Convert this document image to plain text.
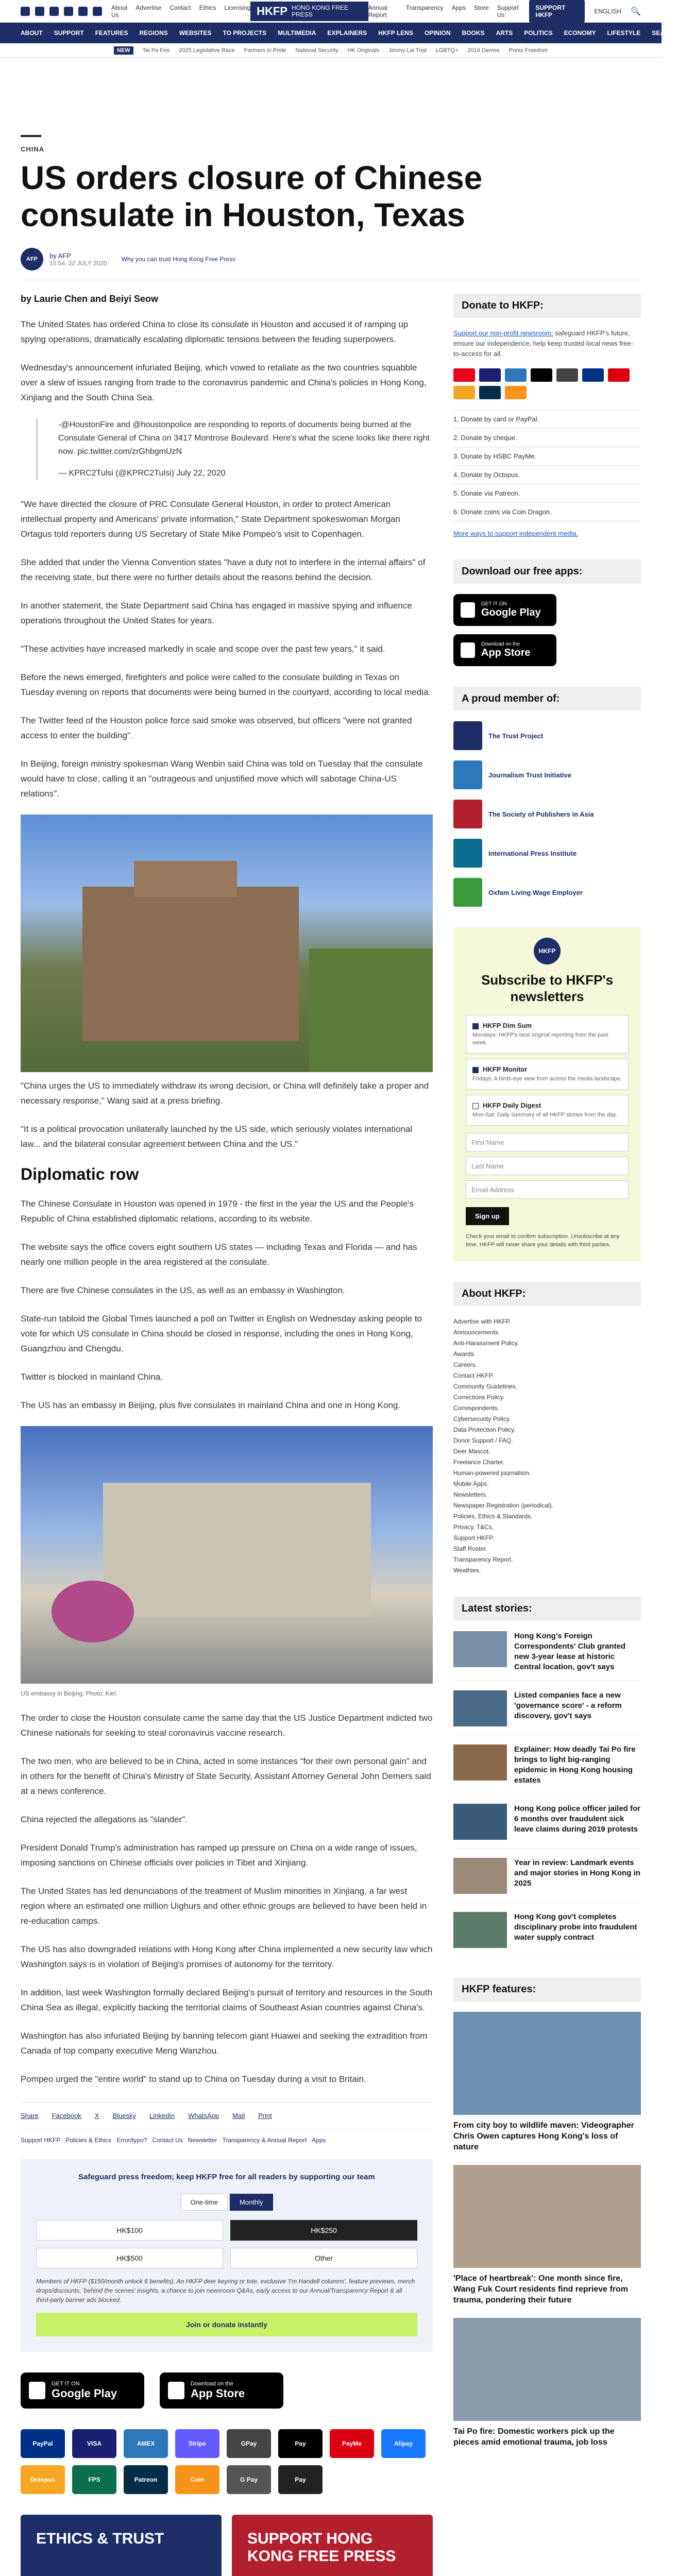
About Us
Advertise Contact Ethics Licensing HKFP HONG KONG FREE PRESS
Annual Report
Transparency Apps Store Support Us
SUPPORT HKFP	ENGLISH 🔍
ABOUT SUPPORT FEATURES REGIONS WEBSITES TO PROJECTS MULTIMEDIA EXPLAINERS HKFP LENS OPINION BOOKS ARTS POLITICS ECONOMY LIFESTYLE SEARCH
NEW	Tai Po Fire 2025 Legislative Race Partners in Pride National Security HK Originals Jimmy Lai Trial LGBTQ+ 2019 Demos Press Freedom
CHINA
US orders closure of Chinese consulate in Houston, Texas
AFP	by AFP
15:54, 22 JULY 2020
Why you can trust Hong Kong Free Press
by Laurie Chen and Beiyi Seow

The United States has ordered China to close its consulate in Houston and accused it of ramping up spying operations, dramatically escalating diplomatic tensions between the feuding superpowers.

Wednesday's announcement infuriated Beijing, which vowed to retaliate as the two countries squabble over a slew of issues ranging from trade to the coronavirus pandemic and China's policies in Hong Kong, Xinjiang and the South China Sea.

-@HoustonFire and @houstonpolice are responding to reports of documents being burned at the Consulate General of China on 3417 Montrose Boulevard. Here's what the scene looks like there right now. pic.twitter.com/zrGhbgmUzN

— KPRC2Tulsi (@KPRC2Tulsi) July 22, 2020

"We have directed the closure of PRC Consulate General Houston, in order to protect American intellectual property and Americans' private information," State Department spokeswoman Morgan Ortagus told reporters during US Secretary of State Mike Pompeo's visit to Copenhagen.

She added that under the Vienna Convention states "have a duty not to interfere in the internal affairs" of the receiving state, but there were no further details about the reasons behind the decision.

In another statement, the State Department said China has engaged in massive spying and influence operations throughout the United States for years.

"These activities have increased markedly in scale and scope over the past few years," it said.

Before the news emerged, firefighters and police were called to the consulate building in Texas on Tuesday evening on reports that documents were being burned in the courtyard, according to local media.

The Twitter feed of the Houston police force said smoke was observed, but officers "were not granted access to enter the building".

In Beijing, foreign ministry spokesman Wang Wenbin said China was told on Tuesday that the consulate would have to close, calling it an "outrageous and unjustified move which will sabotage China-US relations".

"China urges the US to immediately withdraw its wrong decision, or China will definitely take a proper and necessary response," Wang said at a press briefing.

"It is a political provocation unilaterally launched by the US side, which seriously violates international law... and the bilateral consular agreement between China and the US."

Diplomatic row

The Chinese Consulate in Houston was opened in 1979 - the first in the year the US and the People's Republic of China established diplomatic relations, according to its website.

The website says the office covers eight southern US states — including Texas and Florida — and has nearly one million people in the area registered at the consulate.

There are five Chinese consulates in the US, as well as an embassy in Washington.

State-run tabloid the Global Times launched a poll on Twitter in English on Wednesday asking people to vote for which US consulate in China should be closed in response, including the ones in Hong Kong, Guangzhou and Chengdu.

Twitter is blocked in mainland China.

The US has an embassy in Beijing, plus five consulates in mainland China and one in Hong Kong.

US embassy in Beijing. Photo: Kiel.

The order to close the Houston consulate came the same day that the US Justice Department indicted two Chinese nationals for seeking to steal coronavirus vaccine research.

The two men, who are believed to be in China, acted in some instances "for their own personal gain" and in others for the benefit of China's Ministry of State Security, Assistant Attorney General John Demers said at a news conference.

China rejected the allegations as "slander".

President Donald Trump's administration has ramped up pressure on China on a wide range of issues, imposing sanctions on Chinese officials over policies in Tibet and Xinjiang.

The United States has led denunciations of the treatment of Muslim minorities in Xinjiang, a far west region where an estimated one million Uighurs and other ethnic groups are believed to have been held in re-education camps.

The US has also downgraded relations with Hong Kong after China implemented a new security law which Washington says is in violation of Beijing's promises of autonomy for the territory.

In addition, last week Washington formally declared Beijing's pursuit of territory and resources in the South China Sea as illegal, explicitly backing the territorial claims of Southeast Asian countries against China's.

Washington has also infuriated Beijing by banning telecom giant Huawei and seeking the extradition from Canada of top company executive Meng Wanzhou.

Pompeo urged the "entire world" to stand up to China on Tuesday during a visit to Britain.

Share Facebook X Bluesky LinkedIn WhatsApp Mail Print
Support HKFP Policies & Ethics Error/typo? Contact Us Newsletter Transparency & Annual Report Apps
Safeguard press freedom; keep HKFP free for all readers by supporting our team
One-time	Monthly
HK$100	HK$250
HK$500	Other

Members of HKFP ($150/month unlock 6 benefits). An HKFP deer keyring or tote, exclusive 'I'm Handell columns', feature previews, merch drops/discounts, 'behind the scenes' insights, a chance to join newsroom Q&As, early access to our Annual/Transparency Report & all third-party banner ads blocked.

Join or donate instantly
GET IT ON
Google Play
Download on the
App Store
PayPal	VISA	AMEX	Stripe	GPay	Pay	PayMe	Alipay
Octopus	FPS	Patreon	Coin	G Pay	Pay
ETHICS & TRUST	SUPPORT HONG KONG FREE PRESS
Donate to HKFP:

Support our non-profit newsroom: safeguard HKFP's future, ensure our independence, help keep trusted local news free-to-access for all.

1. Donate by card or PayPal.
2. Donate by cheque.
3. Donate by HSBC PayMe.
4. Donate by Octopus.
5. Donate via Patreon.
6. Donate coins via Coin Dragon.

More ways to support independent media.

Download our free apps:
GET IT ON
Google Play
Download on the
App Store
A proud member of:
The Trust Project
Journalism Trust Initiative
The Society of Publishers in Asia
International Press Institute
Oxfam Living Wage Employer
HKFP
Subscribe to HKFP's newsletters
HKFP Dim Sum
Mondays: HKFP's best original reporting from the past week.
HKFP Monitor
Fridays: A birds-eye view from across the media landscape.
HKFP Daily Digest
Mon-Sat: Daily summary of all HKFP stories from the day.
First Name
Last Name
Email Address
Sign up

Check your email to confirm subscription. Unsubscribe at any time. HKFP will never share your details with third parties.

About HKFP:
Advertise with HKFP.
Announcements.
Anti-Harassment Policy.
Awards.
Careers.
Contact HKFP.
Community Guidelines.
Corrections Policy.
Correspondents.
Cybersecurity Policy.
Data Protection Policy.
Donor Support / FAQ.
Deer Mascot.
Freelance Charter.
Human-powered journalism.
Mobile Apps.
Newsletters.
Newspaper Registration (periodical).
Policies, Ethics & Standards.
Privacy, T&Cs.
Support HKFP.
Staff Roster.
Transparency Report.
Weathies.
Latest stories:
Hong Kong's Foreign Correspondents' Club granted new 3-year lease at historic Central location, gov't says
Listed companies face a new 'governance score' - a reform discovery, gov't says
Explainer: How deadly Tai Po fire brings to light big-ranging epidemic in Hong Kong housing estates
Hong Kong police officer jailed for 6 months over fraudulent sick leave claims during 2019 protests
Year in review: Landmark events and major stories in Hong Kong in 2025
Hong Kong gov't completes disciplinary probe into fraudulent water supply contract
HKFP features:
From city boy to wildlife maven: Videographer Chris Owen captures Hong Kong's loss of nature
'Place of heartbreak': One month since fire, Wang Fuk Court residents find reprieve from trauma, pondering their future
Tai Po fire: Domestic workers pick up the pieces amid emotional trauma, job loss
